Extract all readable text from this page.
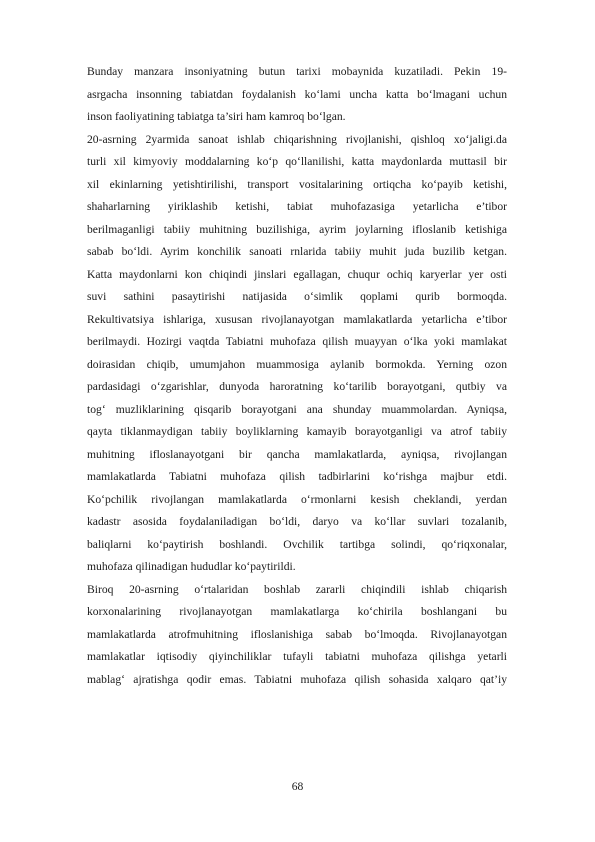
Bunday manzara insoniyatning butun tarixi mobaynida kuzatiladi. Pekin 19-
asrgacha insonning tabiatdan foydalanish ko‘lami uncha katta bo‘lmagani uchun
inson faoliyatining tabiatga ta’siri ham kamroq bo‘lgan.
20-asrning 2yarmida sanoat ishlab chiqarishning rivojlanishi, qishloq xo‘jaligi.da
turli xil kimyoviy moddalarning ko‘p qo‘llanilishi, katta maydonlarda muttasil bir
xil ekinlarning yetishtirilishi, transport vositalarining ortiqcha ko‘payib ketishi,
shaharlarning yiriklashib ketishi, tabiat muhofazasiga yetarlicha e’tibor
berilmaganligi tabiiy muhitning buzilishiga, ayrim joylarning ifloslanib ketishiga
sabab bo‘ldi. Ayrim konchilik sanoati rnlarida tabiiy muhit juda buzilib ketgan.
Katta maydonlarni kon chiqindi jinslari egallagan, chuqur ochiq karyerlar yer osti
suvi sathini pasaytirishi natijasida o‘simlik qoplami qurib bormoqda.
Rekultivatsiya ishlariga, xususan rivojlanayotgan mamlakatlarda yetarlicha e’tibor
berilmaydi. Hozirgi vaqtda Tabiatni muhofaza qilish muayyan o‘lka yoki mamlakat
doirasidan chiqib, umumjahon muammosiga aylanib bormokda. Yerning ozon
pardasidagi o‘zgarishlar, dunyoda haroratning ko‘tarilib borayotgani, qutbiy va
tog‘ muzliklarining qisqarib borayotgani ana shunday muammolardan. Ayniqsa,
qayta tiklanmaydigan tabiiy boyliklarning kamayib borayotganligi va atrof tabiiy
muhitning ifloslanayotgani bir qancha mamlakatlarda, ayniqsa, rivojlangan
mamlakatlarda Tabiatni muhofaza qilish tadbirlarini ko‘rishga majbur etdi.
Ko‘pchilik rivojlangan mamlakatlarda o‘rmonlarni kesish cheklandi, yerdan
kadastr asosida foydalaniladigan bo‘ldi, daryo va ko‘llar suvlari tozalanib,
baliqlarni ko‘paytirish boshlandi. Ovchilik tartibga solindi, qo‘riqxonalar,
muhofaza qilinadigan hududlar ko‘paytirildi.
Biroq 20-asrning o‘rtalaridan boshlab zararli chiqindili ishlab chiqarish
korxonalarining rivojlanayotgan mamlakatlarga ko‘chirila boshlangani bu
mamlakatlarda atrofmuhitning ifloslanishiga sabab bo‘lmoqda. Rivojlanayotgan
mamlakatlar iqtisodiy qiyinchiliklar tufayli tabiatni muhofaza qilishga yetarli
mablag‘ ajratishga qodir emas. Tabiatni muhofaza qilish sohasida xalqaro qat’iy
68
